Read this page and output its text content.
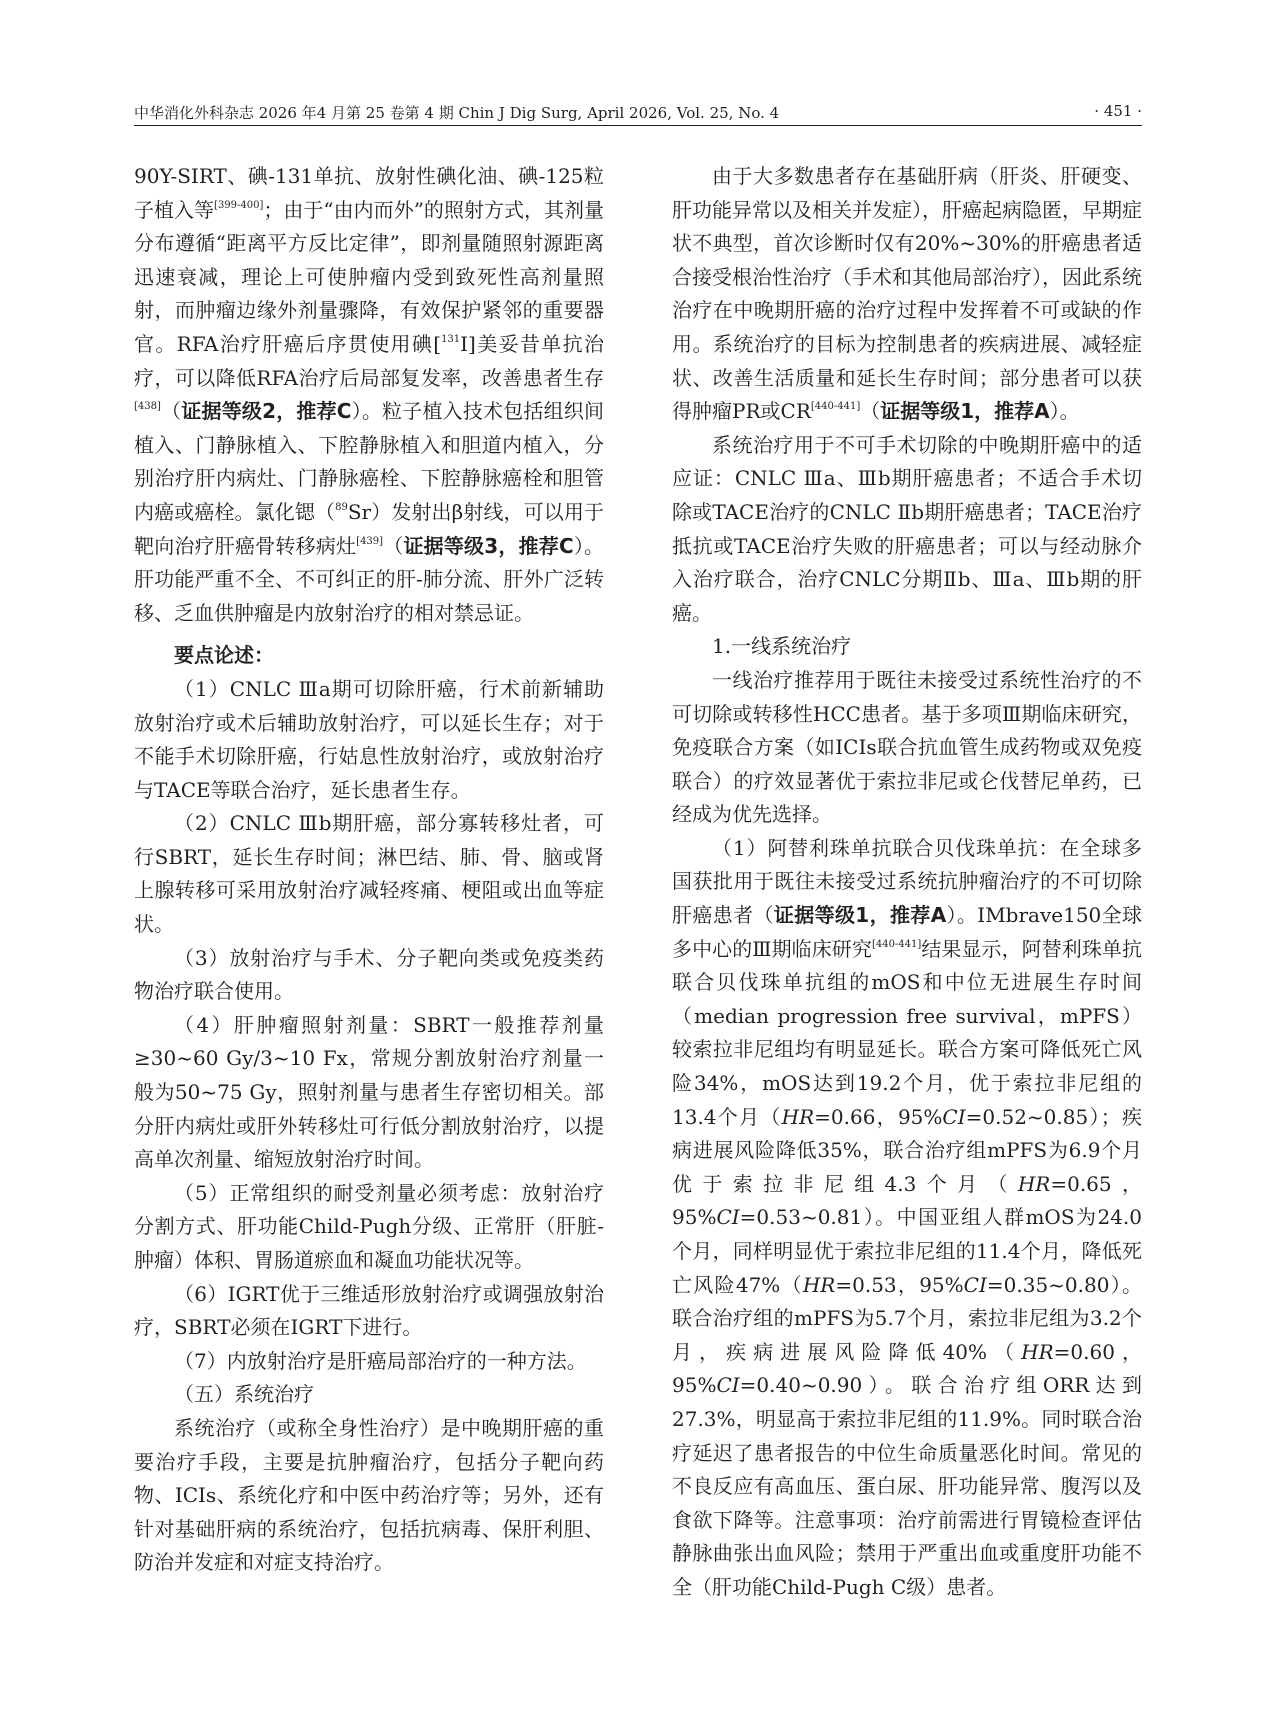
中华消化外科杂志 2026 年4 月第 25 卷第 4 期 Chin J Dig Surg, April 2026, Vol. 25, No. 4	· 451 ·

90Y-SIRT、碘-131单抗、放射性碘化油、碘-125粒子植入等[399-400]；由于“由内而外”的照射方式，其剂量分布遵循“距离平方反比定律”，即剂量随照射源距离迅速衰减，理论上可使肿瘤内受到致死性高剂量照射，而肿瘤边缘外剂量骤降，有效保护紧邻的重要器官。RFA治疗肝癌后序贯使用碘[$^{131}$I]美妥昔单抗治疗，可以降低RFA治疗后局部复发率，改善患者生存[438]（证据等级2，推荐C）。粒子植入技术包括组织间植入、门静脉植入、下腔静脉植入和胆道内植入，分别治疗肝内病灶、门静脉癌栓、下腔静脉癌栓和胆管内癌或癌栓。氯化锶（$^{89}$Sr）发射出β射线，可以用于靶向治疗肝癌骨转移病灶[439]（证据等级3，推荐C）。肝功能严重不全、不可纠正的肝-肺分流、肝外广泛转移、乏血供肿瘤是内放射治疗的相对禁忌证。

要点论述：

（1）CNLC Ⅲa期可切除肝癌，行术前新辅助放射治疗或术后辅助放射治疗，可以延长生存；对于不能手术切除肝癌，行姑息性放射治疗，或放射治疗与TACE等联合治疗，延长患者生存。

（2）CNLC Ⅲb期肝癌，部分寡转移灶者，可行SBRT，延长生存时间；淋巴结、肺、骨、脑或肾上腺转移可采用放射治疗减轻疼痛、梗阻或出血等症状。

（3）放射治疗与手术、分子靶向类或免疫类药物治疗联合使用。

（4）肝肿瘤照射剂量：SBRT一般推荐剂量≥30~60 Gy/3~10 Fx，常规分割放射治疗剂量一般为50~75 Gy，照射剂量与患者生存密切相关。部分肝内病灶或肝外转移灶可行低分割放射治疗，以提高单次剂量、缩短放射治疗时间。

（5）正常组织的耐受剂量必须考虑：放射治疗分割方式、肝功能Child-Pugh分级、正常肝（肝脏-肿瘤）体积、胃肠道瘀血和凝血功能状况等。

（6）IGRT优于三维适形放射治疗或调强放射治疗，SBRT必须在IGRT下进行。

（7）内放射治疗是肝癌局部治疗的一种方法。

（五）系统治疗

系统治疗（或称全身性治疗）是中晚期肝癌的重要治疗手段，主要是抗肿瘤治疗，包括分子靶向药物、ICIs、系统化疗和中医中药治疗等；另外，还有针对基础肝病的系统治疗，包括抗病毒、保肝利胆、防治并发症和对症支持治疗。

由于大多数患者存在基础肝病（肝炎、肝硬变、肝功能异常以及相关并发症），肝癌起病隐匿，早期症状不典型，首次诊断时仅有20%~30%的肝癌患者适合接受根治性治疗（手术和其他局部治疗），因此系统治疗在中晚期肝癌的治疗过程中发挥着不可或缺的作用。系统治疗的目标为控制患者的疾病进展、减轻症状、改善生活质量和延长生存时间；部分患者可以获得肿瘤PR或CR[440-441]（证据等级1，推荐A）。

系统治疗用于不可手术切除的中晚期肝癌中的适应证：CNLC Ⅲa、Ⅲb期肝癌患者；不适合手术切除或TACE治疗的CNLC Ⅱb期肝癌患者；TACE治疗抵抗或TACE治疗失败的肝癌患者；可以与经动脉介入治疗联合，治疗CNLC分期Ⅱb、Ⅲa、Ⅲb期的肝癌。

1.一线系统治疗

一线治疗推荐用于既往未接受过系统性治疗的不可切除或转移性HCC患者。基于多项Ⅲ期临床研究，免疫联合方案（如ICIs联合抗血管生成药物或双免疫联合）的疗效显著优于索拉非尼或仑伐替尼单药，已经成为优先选择。

（1）阿替利珠单抗联合贝伐珠单抗：在全球多国获批用于既往未接受过系统抗肿瘤治疗的不可切除肝癌患者（证据等级1，推荐A）。IMbrave150全球多中心的Ⅲ期临床研究[440-441]结果显示，阿替利珠单抗联合贝伐珠单抗组的mOS和中位无进展生存时间（median progression free survival，mPFS）较索拉非尼组均有明显延长。联合方案可降低死亡风险34%，mOS达到19.2个月，优于索拉非尼组的13.4个月（HR=0.66，95%CI=0.52~0.85）；疾病进展风险降低35%，联合治疗组mPFS为6.9个月优于索拉非尼组4.3个月（HR=0.65，95%CI=0.53~0.81）。中国亚组人群mOS为24.0个月，同样明显优于索拉非尼组的11.4个月，降低死亡风险47%（HR=0.53，95%CI=0.35~0.80）。联合治疗组的mPFS为5.7个月，索拉非尼组为3.2个月，疾病进展风险降低40%（HR=0.60，95%CI=0.40~0.90）。联合治疗组ORR达到27.3%，明显高于索拉非尼组的11.9%。同时联合治疗延迟了患者报告的中位生命质量恶化时间。常见的不良反应有高血压、蛋白尿、肝功能异常、腹泻以及食欲下降等。注意事项：治疗前需进行胃镜检查评估静脉曲张出血风险；禁用于严重出血或重度肝功能不全（肝功能Child-Pugh C级）患者。
